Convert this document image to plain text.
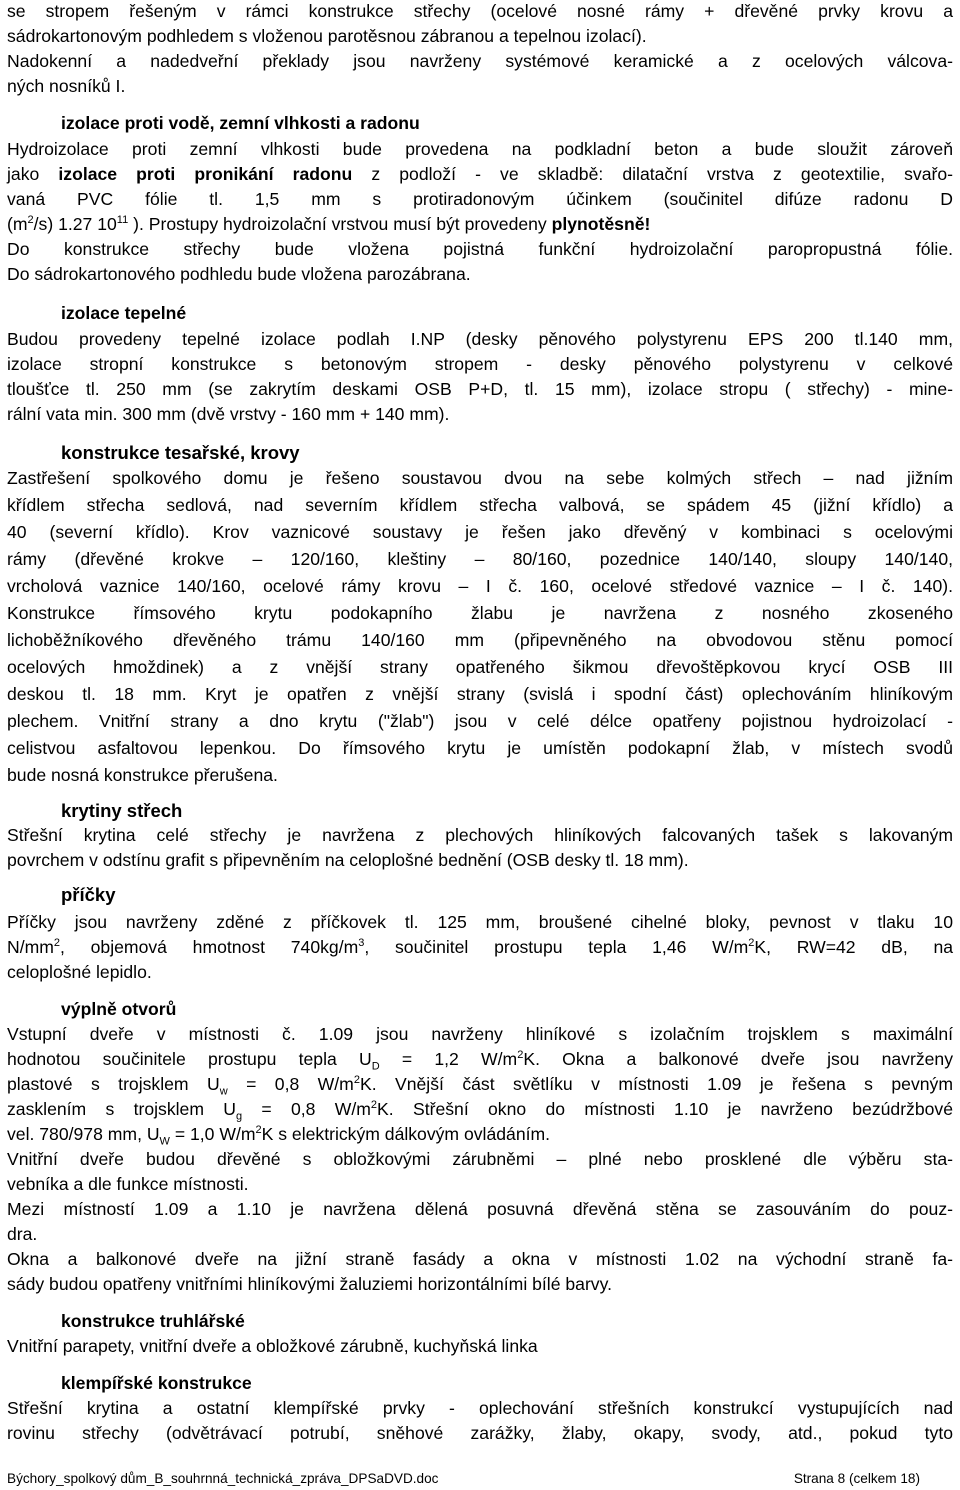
se stropem řešeným v rámci konstrukce střechy (ocelové nosné rámy + dřevěné prvky krovu a
sádrokartonovým podhledem s vloženou parotěsnou zábranou a tepelnou izolací).
Nadokenní a nadedveřní překlady jsou navrženy systémové keramické a z ocelových válcova-
ných nosníků I.
izolace proti vodě, zemní vlhkosti a radonu
Hydroizolace proti zemní vlhkosti bude provedena na podkladní beton a bude sloužit zároveň
jako izolace proti pronikání radonu z podloží - ve skladbě: dilatační vrstva z geotextilie, svařo-
vaná PVC fólie tl. 1,5 mm s protiradonovým účinkem (součinitel difúze radonu D
$(m^2/s)$ 1.27 $10^{11}$ ). Prostupy hydroizolační vrstvou musí být provedeny plynotěsně!
Do konstrukce střechy bude vložena pojistná funkční hydroizolační paropropustná fólie.
Do sádrokartonového podhledu bude vložena parozábrana.
izolace tepelné
Budou provedeny tepelné izolace podlah I.NP (desky pěnového polystyrenu EPS 200 tl.140 mm,
izolace stropní konstrukce s betonovým stropem - desky pěnového polystyrenu v celkové
tloušťce tl. 250 mm (se zakrytím deskami OSB P+D, tl. 15 mm), izolace stropu ( střechy) - mine-
rální vata min. 300 mm (dvě vrstvy - 160 mm + 140 mm).
konstrukce tesařské, krovy
Zastřešení spolkového domu je řešeno soustavou dvou na sebe kolmých střech – nad jižním
křídlem střecha sedlová, nad severním křídlem střecha valbová, se spádem 45 (jižní křídlo) a
40 (severní křídlo). Krov vaznicové soustavy je řešen jako dřevěný v kombinaci s ocelovými
rámy (dřevěné krokve – 120/160, kleštiny – 80/160, pozednice 140/140, sloupy 140/140,
vrcholová vaznice 140/160, ocelové rámy krovu – I č. 160, ocelové středové vaznice – I č. 140).
Konstrukce římsového krytu podokapního žlabu je navržena z nosného zkoseného
lichoběžníkového dřevěného trámu 140/160 mm (připevněného na obvodovou stěnu pomocí
ocelových hmoždinek) a z vnější strany opatřeného šikmou dřevoštěpkovou krycí OSB III
deskou tl. 18 mm. Kryt je opatřen z vnější strany (svislá i spodní část) oplechováním hliníkovým
plechem. Vnitřní strany a dno krytu ("žlab") jsou v celé délce opatřeny pojistnou hydroizolací -
celistvou asfaltovou lepenkou. Do římsového krytu je umístěn podokapní žlab, v místech svodů
bude nosná konstrukce přerušena.
krytiny střech
Střešní krytina celé střechy je navržena z plechových hliníkových falcovaných tašek s lakovaným
povrchem v odstínu grafit s připevněním na celoplošné bednění (OSB desky tl. 18 mm).
příčky
Příčky jsou navrženy zděné z příčkovek tl. 125 mm, broušené cihelné bloky, pevnost v tlaku 10
$N/mm^2$, objemová hmotnost $740kg/m^3$, součinitel prostupu tepla 1,46 $W/m^2K$, RW=42 dB, na
celoplošné lepidlo.
výplně otvorů
Vstupní dveře v místnosti č. 1.09 jsou navrženy hliníkové s izolačním trojsklem s maximální
hodnotou součinitele prostupu tepla $U_D = 1,2$ $W/m^2K$. Okna a balkonové dveře jsou navrženy
plastové s trojsklem $U_w = 0,8$ $W/m^2K$. Vnější část světlíku v místnosti 1.09 je řešena s pevným
zasklením s trojsklem $U_g = 0,8$ $W/m^2K$. Střešní okno do místnosti 1.10 je navrženo bezúdržbové
vel. 780/978 mm, $U_W = 1,0$ $W/m^2K$ s elektrickým dálkovým ovládáním.
Vnitřní dveře budou dřevěné s obložkovými zárubněmi – plné nebo prosklené dle výběru sta-
vebníka a dle funkce místnosti.
Mezi místností 1.09 a 1.10 je navržena dělená posuvná dřevěná stěna se zasouváním do pouz-
dra.
Okna a balkonové dveře na jižní straně fasády a okna v místnosti 1.02 na východní straně fa-
sády budou opatřeny vnitřními hliníkovými žaluziemi horizontálními bílé barvy.
konstrukce truhlářské
Vnitřní parapety, vnitřní dveře a obložkové zárubně, kuchyňská linka
klempířské konstrukce
Střešní krytina a ostatní klempířské prvky - oplechování střešních konstrukcí vystupujících nad
rovinu střechy (odvětrávací potrubí, sněhové zarážky, žlaby, okapy, svody, atd., pokud tyto
Býchory_spolkový dům_B_souhrnná_technická_zpráva_DPSaDVD.doc	Strana 8 (celkem 18)
